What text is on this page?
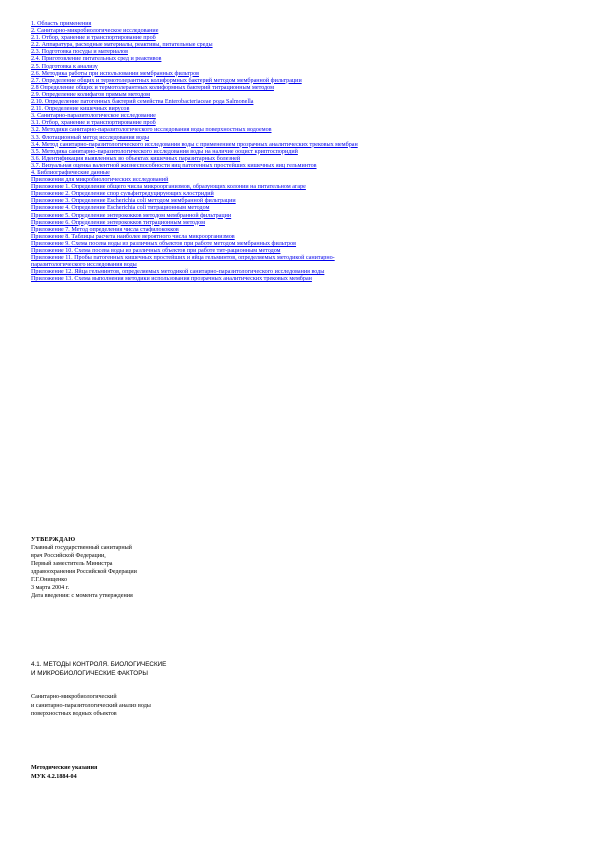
1. Область применения
2. Санитарно-микробиологическое исследование
2.1. Отбор, хранение и транспортирование проб
2.2. Аппаратура, расходные материалы, реактивы, питательные среды
2.3. Подготовка посуды и материалов
2.4. Приготовление питательных сред и реактивов
2.5. Подготовка к анализу
2.6. Методика работы при использовании мембранных фильтров
2.7. Определение общих и термотолерантных колиформных бактерий методом мембранной фильтрации
2.8 Определение общих и термотолерантных колиформных бактерий титрационным методом
2.9. Определение колифагов прямым методом
2.10. Определение патогенных бактерий семейства Enterobacteriaceae рода Salmonella
2.11. Определение кишечных вирусов
3. Санитарно-паразитологическое исследование
3.1. Отбор, хранение и транспортирование проб
3.2. Методики санитарно-паразитологического исследования воды поверхностных водоемов
3.3. Флотационный метод исследования воды
3.4. Метод санитарно-паразитологического исследования воды с применением прозрачных аналитических трековых мембран
3.5. Методика санитарно-паразитологического исследования воды на наличие ооцист криптоспоридий
3.6. Идентификация выявленных во объектах кишечных паразитарных болезней
3.7. Визуальная оценка валентной жизнеспособности яиц патогенных простейших кишечных яиц гельминтов
4. Библиографические данные
Приложения для микробиологических исследований
Приложение 1. Определение общего числа микроорганизмов, образующих колонии на питательном агаре
Приложение 2. Определение спор сульфитредуцирующих клостридий
Приложение 3. Определение Escherichia coli методом мембранной фильтрации
Приложение 4. Определение Escherichia coli титрационным методом
Приложение 5. Определение энтерококков методом мембранной фильтрации
Приложение 6. Определение энтерококков титрационным методом
Приложение 7. Метод определения числа стафилококков
Приложение 8. Таблицы расчета наиболее вероятного числа микроорганизмов
Приложение 9. Схема посева воды из различных объектов при работе методом мембранных фильтров
Приложение 10. Схема посева воды из различных объектов при работе тит-рационным методом
Приложение 11. Пробы патогенных кишечных простейших и яйца гельминтов, определяемых методикой санитарно-паразитологического исследования воды
Приложение 12. Яйца гельминтов, определяемых методикой санитарно-паразитологического исследования воды
Приложение 13. Схема выполнения методики использования прозрачных аналитических трековых мембран
УТВЕРЖДАЮ
Главный государственный санитарный
врач Российской Федерации,
Первый заместитель Министра
здравоохранения Российской Федерации
Г.Г.Онищенко
3 марта 2004 г.
Дата введения: с момента утверждения
4.1. МЕТОДЫ КОНТРОЛЯ. БИОЛОГИЧЕСКИЕ
И МИКРОБИОЛОГИЧЕСКИЕ ФАКТОРЫ
Санитарно-микробиологический
и санитарно-паразитологический анализ воды
поверхностных водных объектов
Методические указания
МУК 4.2.1884-04
